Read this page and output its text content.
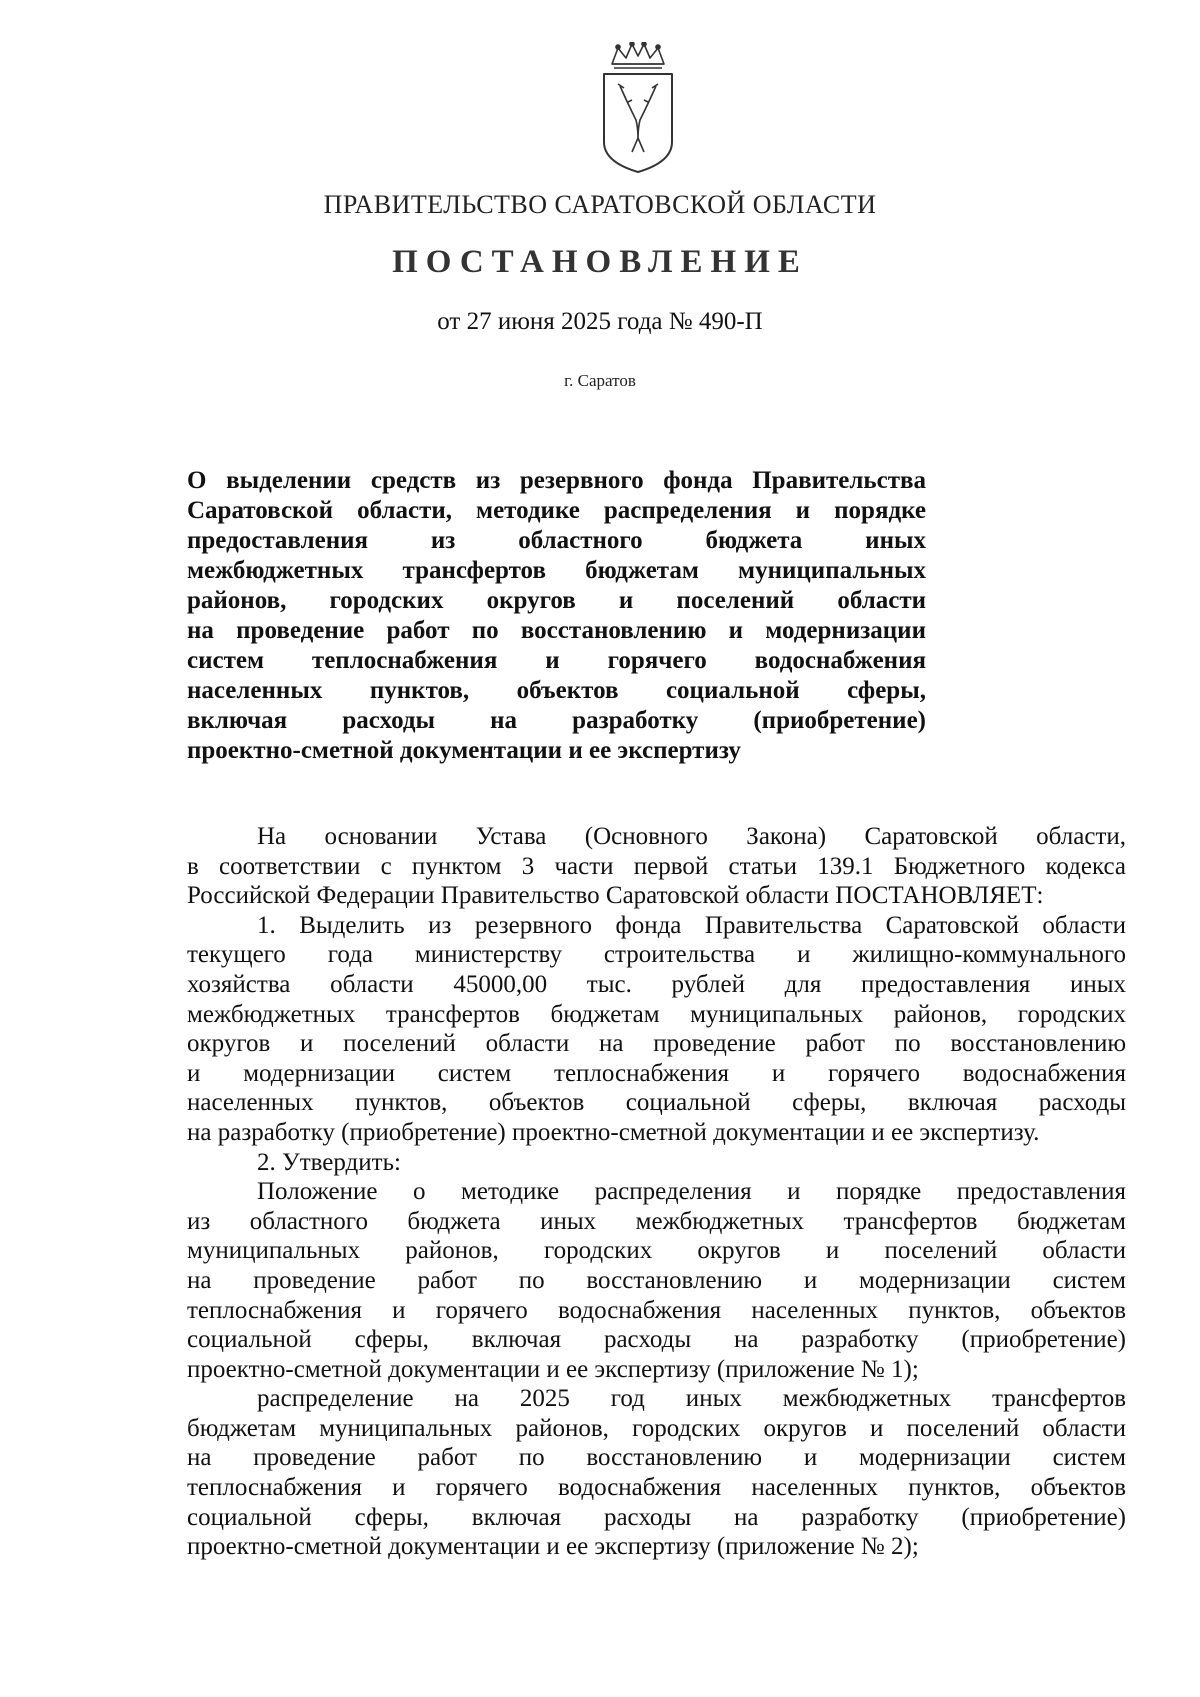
ПРАВИТЕЛЬСТВО САРАТОВСКОЙ ОБЛАСТИ
ПОСТАНОВЛЕНИЕ
от 27 июня 2025 года № 490-П
г. Саратов
О выделении средств из резервного фонда Правительства
Саратовской области, методике распределения и порядке
предоставления из областного бюджета иных
межбюджетных трансфертов бюджетам муниципальных
районов, городских округов и поселений области
на проведение работ по восстановлению и модернизации
систем теплоснабжения и горячего водоснабжения
населенных пунктов, объектов социальной сферы,
включая расходы на разработку (приобретение)
проектно-сметной документации и ее экспертизу
На основании Устава (Основного Закона) Саратовской области,
в соответствии с пунктом 3 части первой статьи 139.1 Бюджетного кодекса
Российской Федерации Правительство Саратовской области ПОСТАНОВЛЯЕТ:
1. Выделить из резервного фонда Правительства Саратовской области
текущего года министерству строительства и жилищно-коммунального
хозяйства области 45000,00 тыс. рублей для предоставления иных
межбюджетных трансфертов бюджетам муниципальных районов, городских
округов и поселений области на проведение работ по восстановлению
и модернизации систем теплоснабжения и горячего водоснабжения
населенных пунктов, объектов социальной сферы, включая расходы
на разработку (приобретение) проектно-сметной документации и ее экспертизу.
2. Утвердить:
Положение о методике распределения и порядке предоставления
из областного бюджета иных межбюджетных трансфертов бюджетам
муниципальных районов, городских округов и поселений области
на проведение работ по восстановлению и модернизации систем
теплоснабжения и горячего водоснабжения населенных пунктов, объектов
социальной сферы, включая расходы на разработку (приобретение)
проектно-сметной документации и ее экспертизу (приложение № 1);
распределение на 2025 год иных межбюджетных трансфертов
бюджетам муниципальных районов, городских округов и поселений области
на проведение работ по восстановлению и модернизации систем
теплоснабжения и горячего водоснабжения населенных пунктов, объектов
социальной сферы, включая расходы на разработку (приобретение)
проектно-сметной документации и ее экспертизу (приложение № 2);
